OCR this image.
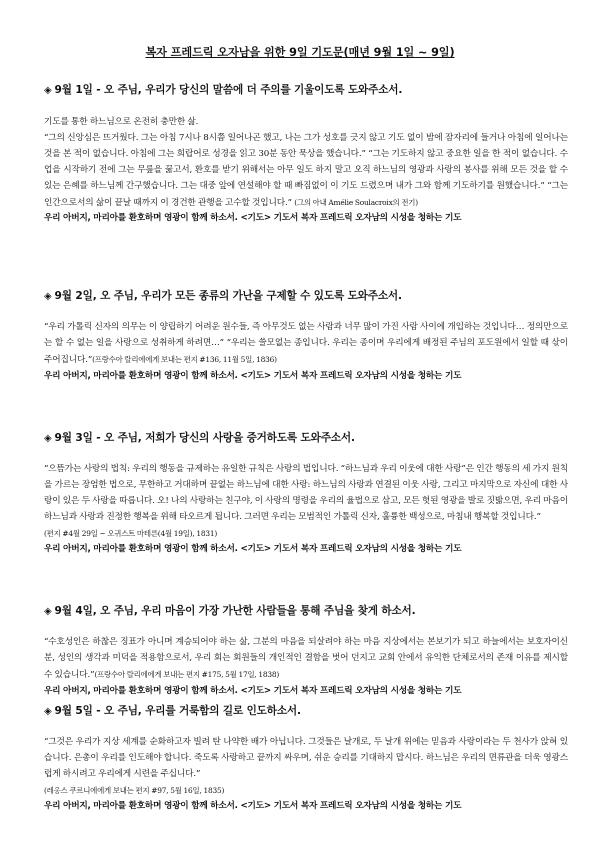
복자 프레드릭 오자남을 위한 9일 기도문(매년 9월 1일 ~ 9일)
◈ 9월 1일 - 오 주님, 우리가 당신의 말씀에 더 주의를 기울이도록 도와주소서.

기도를 통한 하느님으로 온전히 충만한 삶.

“그의 신앙심은 뜨거웠다. 그는 아침 7시나 8시쯤 일어나곤 했고, 나는 그가 성호를 긋지 않고 기도 없이 밤에 잠자리에 들거나 아침에 일어나는 것을 본 적이 없습니다. 아침에 그는 희랍어로 성경을 읽고 30분 동안 묵상을 했습니다.” “그는 기도하지 않고 중요한 일을 한 적이 없습니다. 수업을 시작하기 전에 그는 무릎을 꿇고서, 환호를 받기 위해서는 아무 일도 하지 말고 오직 하느님의 영광과 사랑의 봉사를 위해 모든 것을 할 수 있는 은혜를 하느님께 간구했습니다. 그는 대중 앞에 연설해야 할 때 빠짐없이 이 기도 드렸으며 내가 그와 함께 기도하기를 원했습니다.” “그는 인간으로서의 삶이 끝날 때까지 이 경건한 관행을 고수할 것입니다.” (그의 아내 Amélie Soulacroix의 전기)

우리 아버지, 마리아를 환호하며 영광이 함께 하소서. <기도> 기도서 복자 프레드릭 오자남의 시성을 청하는 기도
◈ 9월 2일, 오 주님, 우리가 모든 종류의 가난을 구제할 수 있도록 도와주소서.

“우리 가톨릭 신자의 의무는 이 양립하기 어려운 원수들, 즉 아무것도 없는 사람과 너무 많이 가진 사람 사이에 개입하는 것입니다… 정의만으로는 할 수 없는 일을 사랑으로 성취하게 하려면…” “우리는 쓸모없는 종입니다. 우리는 종이며 우리에게 배정된 주님의 포도원에서 일할 때 삯이 주어집니다.”(프랑수아 랄리에에게 보내는 편지 #136, 11월 5일, 1836)

우리 아버지, 마리아를 환호하며 영광이 함께 하소서. <기도> 기도서 복자 프레드릭 오자남의 시성을 청하는 기도
◈ 9월 3일 - 오 주님, 저희가 당신의 사랑을 증거하도록 도와주소서.

“으뜸가는 사랑의 법칙: 우리의 행동을 규제하는 유일한 규칙은 사랑의 법입니다. “하느님과 우리 이웃에 대한 사랑”은 인간 행동의 세 가지 원칙을 가르는 장엄한 법으로, 무한하고 거대하며 끝없는 하느님에 대한 사랑: 하느님의 사랑과 연결된 이웃 사랑, 그리고 마지막으로 자신에 대한 사랑이 있은 두 사랑을 따릅니다. 오! 나의 사랑하는 친구야, 이 사랑의 명령을 우리의 율법으로 삼고, 모든 헛된 영광을 발로 짓밟으면, 우리 마음이 하느님과 사랑과 진정한 행복을 위해 타오르게 됩니다. 그러면 우리는 모범적인 가톨릭 신자, 훌륭한 백성으로, 마침내 행복할 것입니다.”

(편지 #4월 29일 ~ 오귀스트 마테른(4월 19일), 1831)

우리 아버지, 마리아를 환호하며 영광이 함께 하소서. <기도> 기도서 복자 프레드릭 오자남의 시성을 청하는 기도
◈ 9월 4일, 오 주님, 우리 마음이 가장 가난한 사람들을 통해 주님을 찾게 하소서.

“수호성인은 하찮은 징표가 아니며 계승되어야 하는 삶, 그분의 마음을 되살려야 하는 마음 지상에서는 본보기가 되고 하늘에서는 보호자이신 분, 성인의 생각과 미덕을 적용함으로서, 우리 회는 회원들의 개인적인 결함을 벗어 던지고 교회 안에서 유익한 단체로서의 존재 이유를 제시할 수 있습니다.”(프랑수아 랄리에에게 보내는 편지 #175, 5월 17일, 1838)

우리 아버지, 마리아를 환호하며 영광이 함께 하소서. <기도> 기도서 복자 프레드릭 오자남의 시성을 청하는 기도
◈ 9월 5일 - 오 주님, 우리를 거룩함의 길로 인도하소서.

“그것은 우리가 지상 세계를 순화하고자 빌려 탄 나약한 배가 아닙니다. 그것들은 날개로, 두 날개 위에는 믿음과 사랑이라는 두 천사가 앉혀 있습니다. 은총이 우리를 인도해야 합니다. 죽도록 사랑하고 끝까지 싸우며, 쉬운 승리를 기대하지 맙시다. 하느님은 우리의 면류관을 더욱 영광스럽게 하시려고 우리에게 시련을 주십니다.”

(레옹스 쿠르니에에게 보내는 편지 #97, 5월 16일, 1835)

우리 아버지, 마리아를 환호하며 영광이 함께 하소서. <기도> 기도서 복자 프레드릭 오자남의 시성을 청하는 기도
